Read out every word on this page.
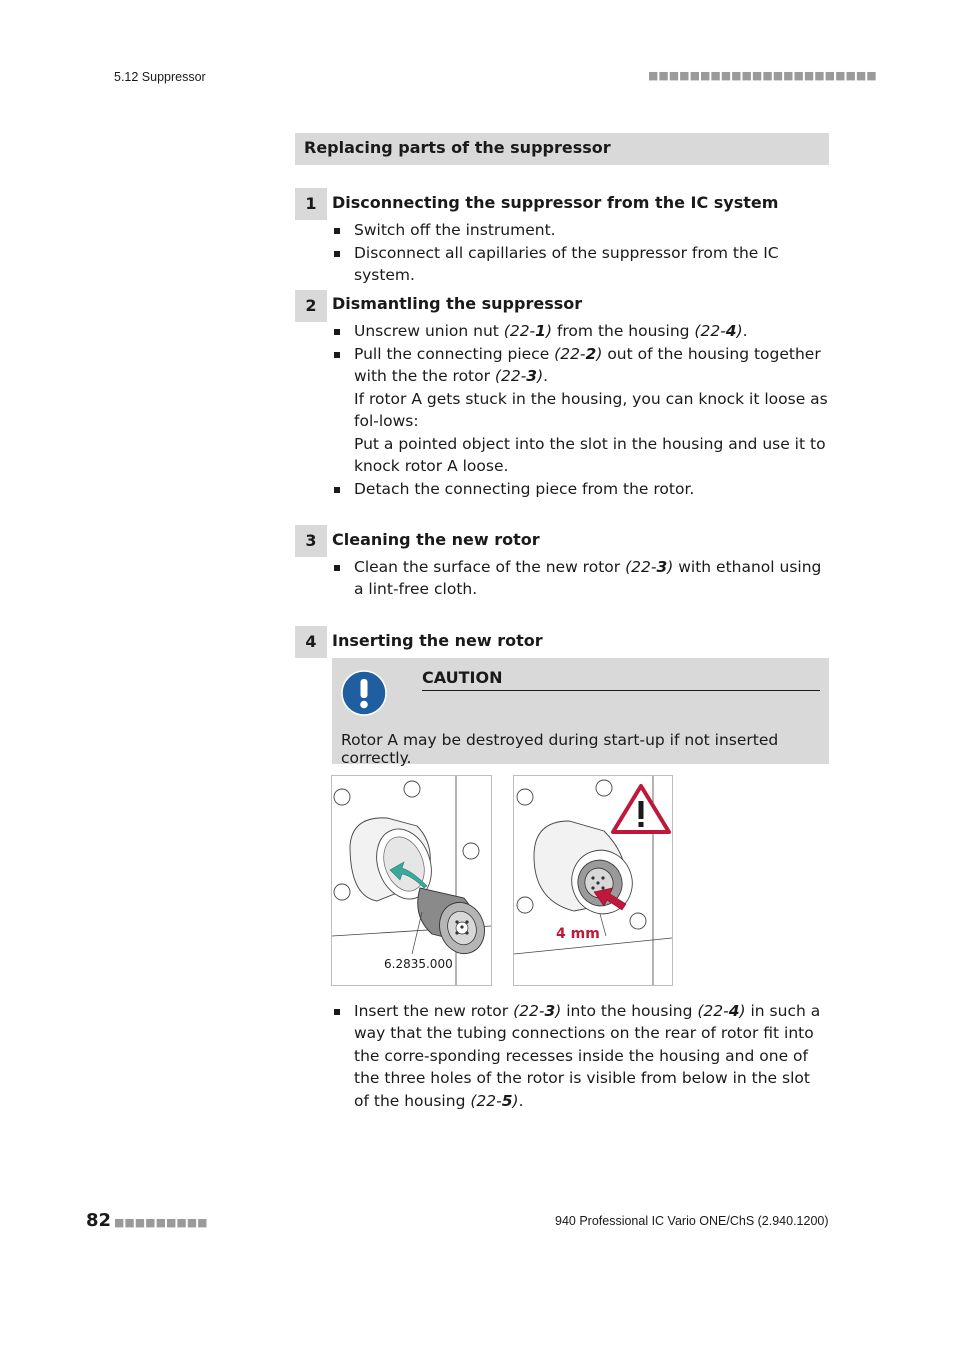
5.12 Suppressor	■■■■■■■■■■■■■■■■■■■■■■
Replacing parts of the suppressor
1 Disconnecting the suppressor from the IC system
Switch off the instrument.
Disconnect all capillaries of the suppressor from the IC system.
2 Dismantling the suppressor
Unscrew union nut (22-1) from the housing (22-4).
Pull the connecting piece (22-2) out of the housing together with the the rotor (22-3).
If rotor A gets stuck in the housing, you can knock it loose as fol-lows:
Put a pointed object into the slot in the housing and use it to knock rotor A loose.
Detach the connecting piece from the rotor.
3 Cleaning the new rotor
Clean the surface of the new rotor (22-3) with ethanol using a lint-free cloth.
4 Inserting the new rotor
CAUTION
Rotor A may be destroyed during start-up if not inserted correctly.
6.2835.000
4 mm
Insert the new rotor (22-3) into the housing (22-4) in such a way that the tubing connections on the rear of rotor fit into the corre-sponding recesses inside the housing and one of the three holes of the rotor is visible from below in the slot of the housing (22-5).
82 ■■■■■■■■■	940 Professional IC Vario ONE/ChS (2.940.1200)
